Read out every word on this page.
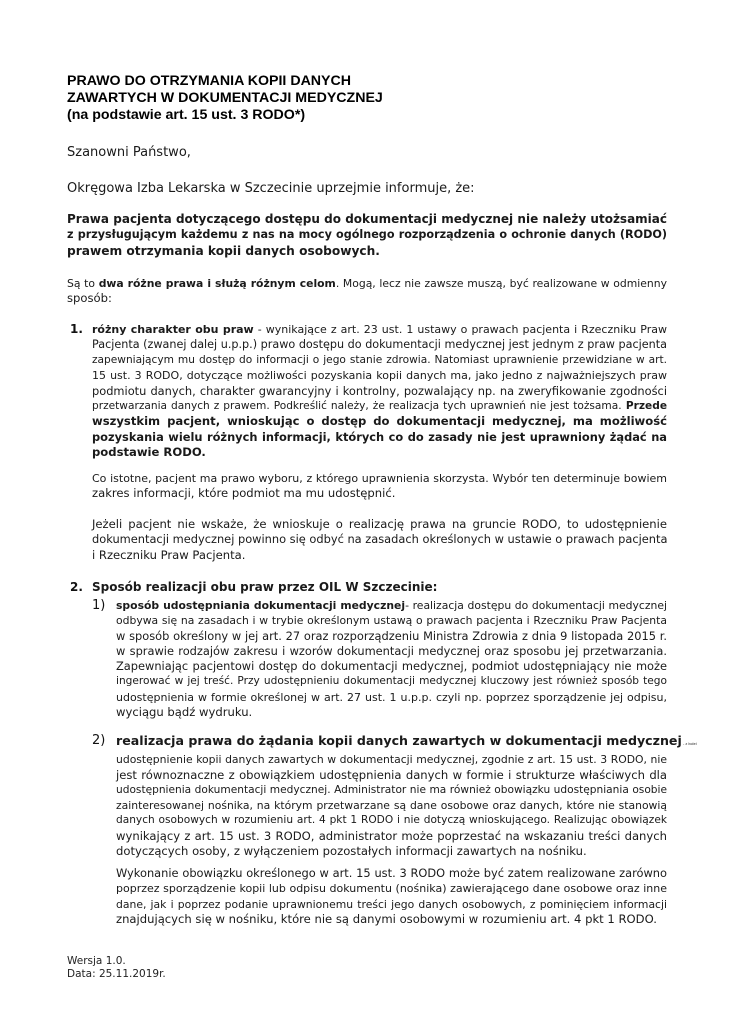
PRAWO DO OTRZYMANIA KOPII DANYCH
ZAWARTYCH W DOKUMENTACJI MEDYCZNEJ
(na podstawie art. 15 ust. 3 RODO*)
Szanowni Państwo,
Okręgowa Izba Lekarska w Szczecinie uprzejmie informuje, że:
Prawa pacjenta dotyczącego dostępu do dokumentacji medycznej nie należy utożsamiać
z przysługującym każdemu z nas na mocy ogólnego rozporządzenia o ochronie danych (RODO)
prawem otrzymania kopii danych osobowych.
Są to dwa różne prawa i służą różnym celom. Mogą, lecz nie zawsze muszą, być realizowane w odmienny
sposób:
1. różny charakter obu praw - wynikające z art. 23 ust. 1 ustawy o prawach pacjenta i Rzeczniku Praw
Pacjenta (zwanej dalej u.p.p.) prawo dostępu do dokumentacji medycznej jest jednym z praw pacjenta
zapewniającym mu dostęp do informacji o jego stanie zdrowia. Natomiast uprawnienie przewidziane w art.
15 ust. 3 RODO, dotyczące możliwości pozyskania kopii danych ma, jako jedno z najważniejszych praw
podmiotu danych, charakter gwarancyjny i kontrolny, pozwalający np. na zweryfikowanie zgodności
przetwarzania danych z prawem. Podkreślić należy, że realizacja tych uprawnień nie jest tożsama. Przede
wszystkim pacjent, wnioskując o dostęp do dokumentacji medycznej, ma możliwość
pozyskania wielu różnych informacji, których co do zasady nie jest uprawniony żądać na
podstawie RODO.
Co istotne, pacjent ma prawo wyboru, z którego uprawnienia skorzysta. Wybór ten determinuje bowiem
zakres informacji, które podmiot ma mu udostępnić.
Jeżeli pacjent nie wskaże, że wnioskuje o realizację prawa na gruncie RODO, to udostępnienie
dokumentacji medycznej powinno się odbyć na zasadach określonych w ustawie o prawach pacjenta
i Rzeczniku Praw Pacjenta.
2. Sposób realizacji obu praw przez OIL W Szczecinie:
1) sposób udostępniania dokumentacji medycznej- realizacja dostępu do dokumentacji medycznej
odbywa się na zasadach i w trybie określonym ustawą o prawach pacjenta i Rzeczniku Praw Pacjenta
w sposób określony w jej art. 27 oraz rozporządzeniu Ministra Zdrowia z dnia 9 listopada 2015 r.
w sprawie rodzajów zakresu i wzorów dokumentacji medycznej oraz sposobu jej przetwarzania.
Zapewniając pacjentowi dostęp do dokumentacji medycznej, podmiot udostępniający nie może
ingerować w jej treść. Przy udostępnieniu dokumentacji medycznej kluczowy jest również sposób tego
udostępnienia w formie określonej w art. 27 ust. 1 u.p.p. czyli np. poprzez sporządzenie jej odpisu,
wyciągu bądź wydruku.
2) realizacja prawa do żądania kopii danych zawartych w dokumentacji medycznej - z kolei
udostępnienie kopii danych zawartych w dokumentacji medycznej, zgodnie z art. 15 ust. 3 RODO, nie
jest równoznaczne z obowiązkiem udostępnienia danych w formie i strukturze właściwych dla
udostępnienia dokumentacji medycznej. Administrator nie ma również obowiązku udostępniania osobie
zainteresowanej nośnika, na którym przetwarzane są dane osobowe oraz danych, które nie stanowią
danych osobowych w rozumieniu art. 4 pkt 1 RODO i nie dotyczą wnioskującego. Realizując obowiązek
wynikający z art. 15 ust. 3 RODO, administrator może poprzestać na wskazaniu treści danych
dotyczących osoby, z wyłączeniem pozostałych informacji zawartych na nośniku.
Wykonanie obowiązku określonego w art. 15 ust. 3 RODO może być zatem realizowane zarówno
poprzez sporządzenie kopii lub odpisu dokumentu (nośnika) zawierającego dane osobowe oraz inne
dane, jak i poprzez podanie uprawnionemu treści jego danych osobowych, z pominięciem informacji
znajdujących się w nośniku, które nie są danymi osobowymi w rozumieniu art. 4 pkt 1 RODO.
Wersja 1.0.
Data: 25.11.2019r.
